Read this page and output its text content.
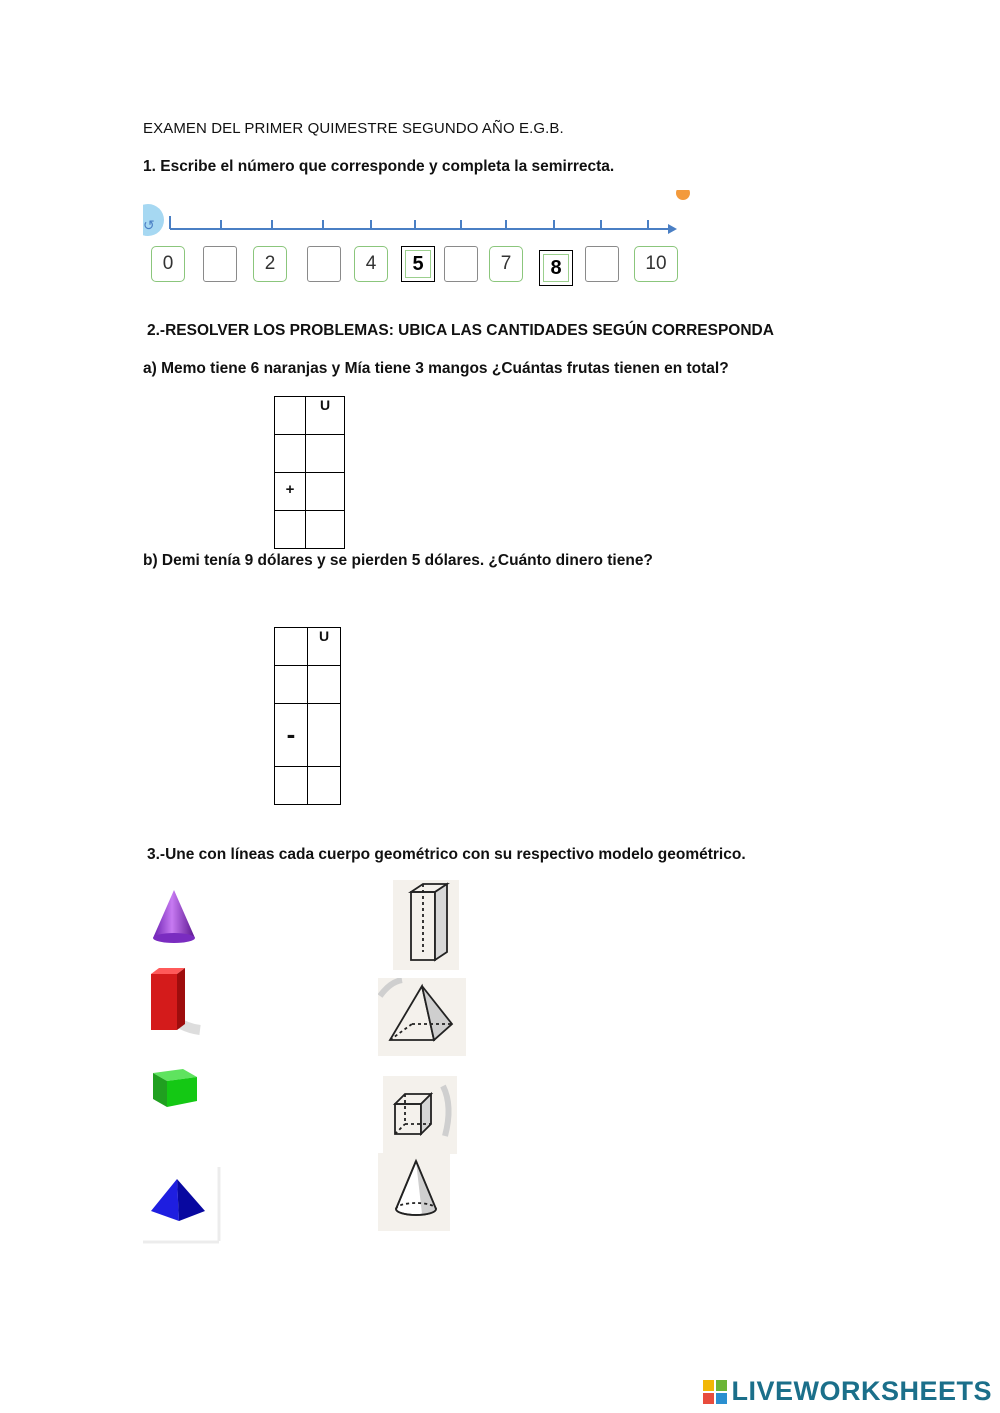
EXAMEN DEL PRIMER QUIMESTRE SEGUNDO AÑO E.G.B.
1. Escribe el número que corresponde y completa la semirrecta.
↺
0	2	4	5	7	8	10
2.-RESOLVER LOS PROBLEMAS: UBICA LAS CANTIDADES SEGÚN CORRESPONDA
a) Memo tiene 6 naranjas y Mía tiene 3 mangos ¿Cuántas frutas tienen en total?
	U

+	

b) Demi tenía 9 dólares y se pierden 5 dólares. ¿Cuánto dinero tiene?
	U

-	

3.-Une con líneas cada cuerpo geométrico con su respectivo modelo geométrico.
LIVEWORKSHEETS
